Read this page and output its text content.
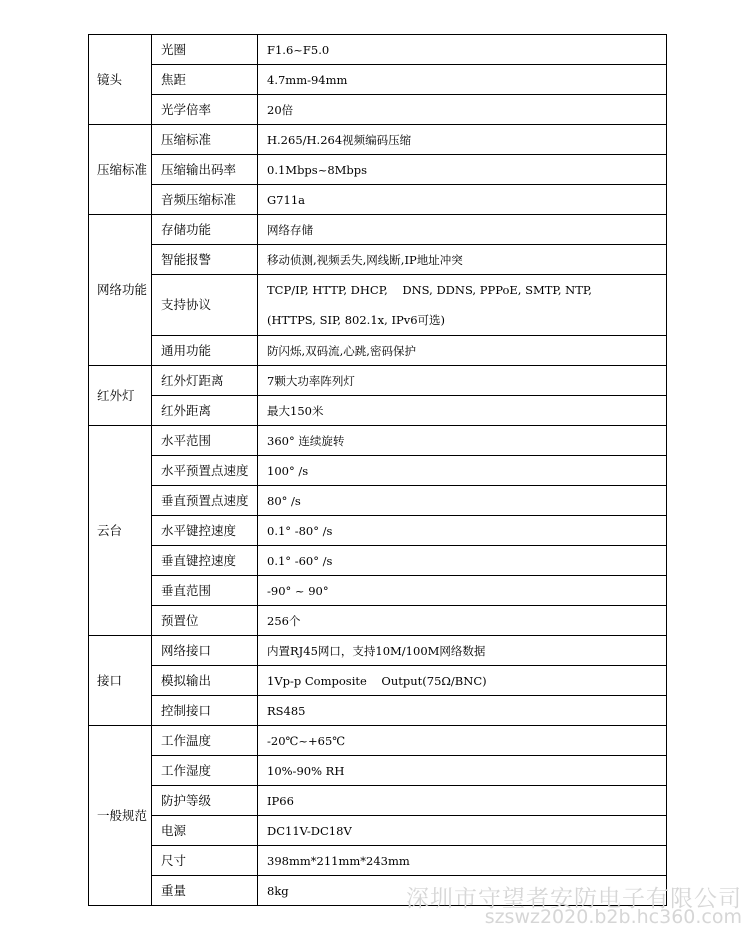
镜头	光圈	F1.6~F5.0
	焦距	4.7mm-94mm
	光学倍率	20倍
压缩标准	压缩标准	H.265/H.264视频编码压缩
	压缩输出码率	0.1Mbps~8Mbps
	音频压缩标准	G711a
网络功能	存储功能	网络存储
	智能报警	移动侦测,视频丢失,网线断,IP地址冲突
	支持协议	TCP/IP, HTTP, DHCP,    DNS, DDNS, PPPoE, SMTP, NTP,
(HTTPS, SIP, 802.1x, IPv6可选)

	通用功能	防闪烁,双码流,心跳,密码保护
红外灯	红外灯距离	7颗大功率阵列灯
	红外距离	最大150米
云台	水平范围	360° 连续旋转
	水平预置点速度	100° /s
	垂直预置点速度	80° /s
	水平键控速度	0.1° -80° /s
	垂直键控速度	0.1° -60° /s
	垂直范围	-90° ~ 90°
	预置位	256个
接口	网络接口	内置RJ45网口，支持10M/100M网络数据
	模拟输出	1Vp-p Composite    Output(75Ω/BNC)
	控制接口	RS485
一般规范	工作温度	-20℃~+65℃
	工作湿度	10%-90% RH
	防护等级	IP66
	电源	DC11V-DC18V
	尺寸	398mm*211mm*243mm
	重量	8kg	深圳市守望者安防电子有限公司
szswz2020.b2b.hc360.com
